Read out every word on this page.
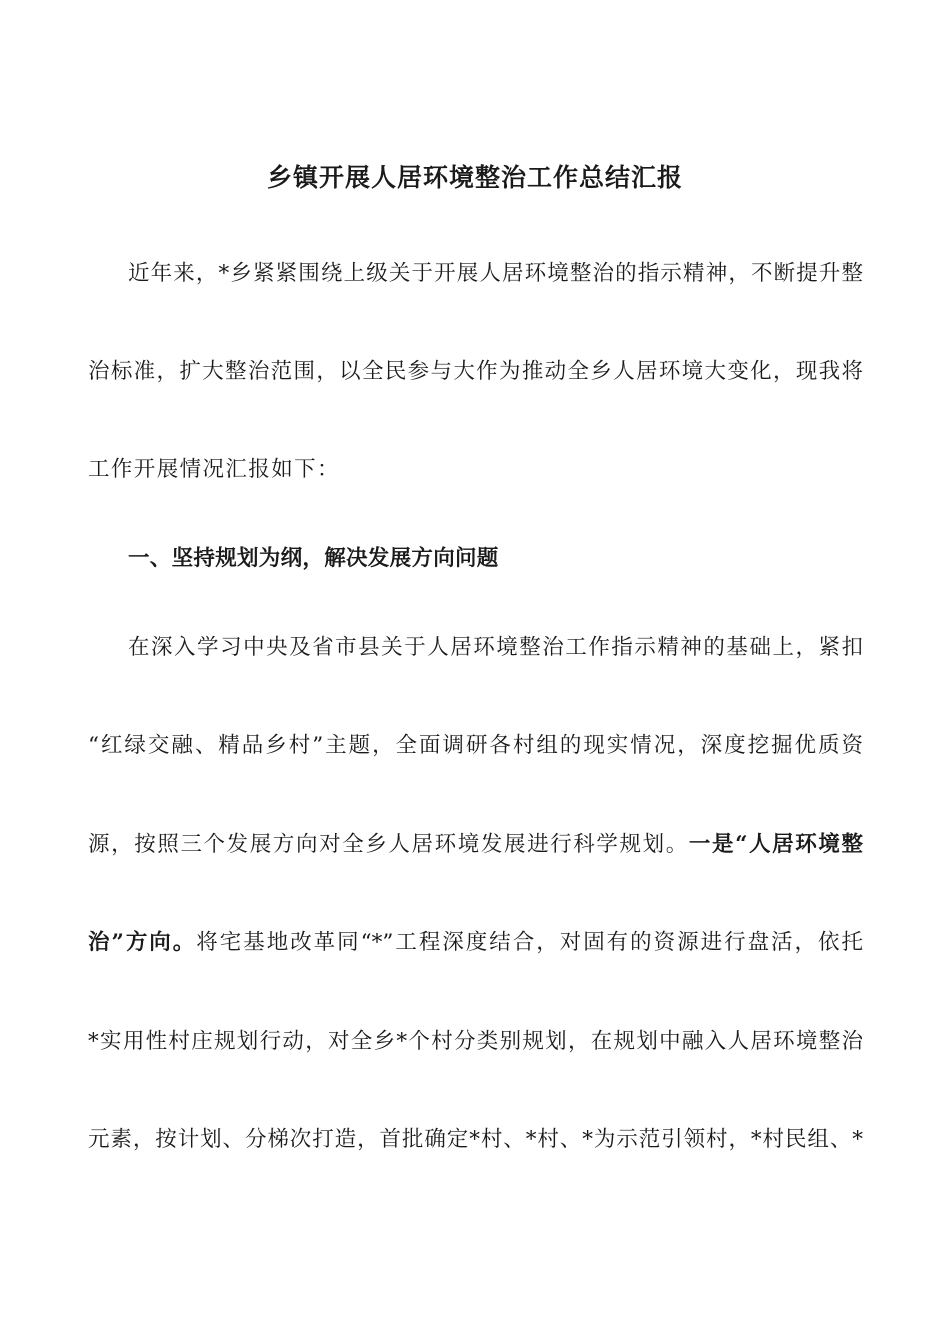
乡镇开展人居环境整治工作总结汇报
近年来，*乡紧紧围绕上级关于开展人居环境整治的指示精神，不断提升整
治标准，扩大整治范围，以全民参与大作为推动全乡人居环境大变化，现我将
工作开展情况汇报如下：
一、坚持规划为纲，解决发展方向问题
在深入学习中央及省市县关于人居环境整治工作指示精神的基础上，紧扣
“红绿交融、精品乡村”主题，全面调研各村组的现实情况，深度挖掘优质资
源，按照三个发展方向对全乡人居环境发展进行科学规划。一是“人居环境整
治”方向。将宅基地改革同“*”工程深度结合，对固有的资源进行盘活，依托
*实用性村庄规划行动，对全乡*个村分类别规划，在规划中融入人居环境整治
元素，按计划、分梯次打造，首批确定*村、*村、*为示范引领村，*村民组、*
